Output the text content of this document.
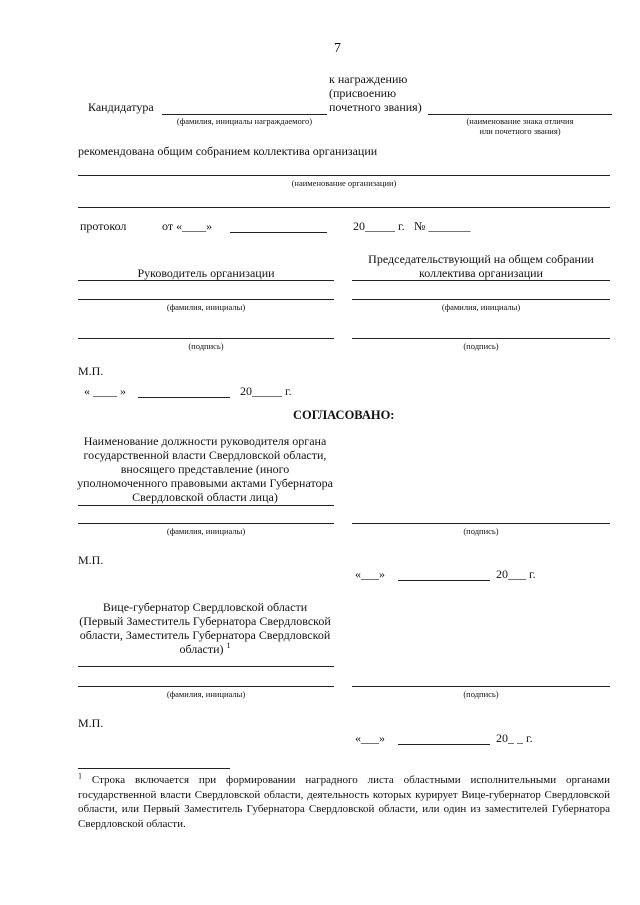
7
Кандидатура
(фамилия, инициалы награждаемого)
к награждению
(присвоению
почетного звания)
(наименование знака отличия
или почетного звания)
рекомендована общим собранием коллектива организации
(наименование организации)
протокол	от «____»	20_____ г. № _______
Руководитель организации
Председательствующий на общем собрании
коллектива организации
(фамилия, инициалы)	(фамилия, инициалы)
(подпись)	(подпись)
М.П.
« ____ »	20_____ г.
СОГЛАСОВАНО:
Наименование должности руководителя органа
государственной власти Свердловской области,
вносящего представление (иного
уполномоченного правовыми актами Губернатора
Свердловской области лица)
(фамилия, инициалы)	(подпись)
М.П.
«___»	20___ г.
Вице-губернатор Свердловской области
(Первый Заместитель Губернатора Свердловской
области, Заместитель Губернатора Свердловской
области) $^1$
(фамилия, инициалы)	(подпись)
М.П.
«___»	20_ _ г.
$^1$ Строка включается при формировании наградного листа областными исполнительными органами государственной власти Свердловской области, деятельность которых курирует Вице-губернатор Свердловской области, или Первый Заместитель Губернатора Свердловской области, или один из заместителей Губернатора Свердловской области.
